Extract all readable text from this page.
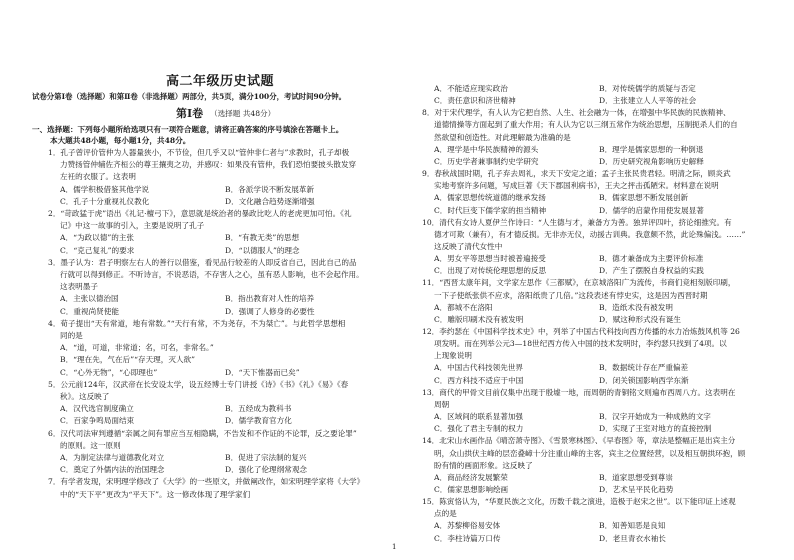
高二年级历史试题
试卷分第Ⅰ卷（选择题）和第Ⅱ卷（非选择题）两部分，共5页，满分100分，考试时间90分钟。
第Ⅰ卷 （选择题 共48分）
一、选择题：下列每小题所给选项只有一项符合题意，请将正确答案的序号填涂在答题卡上。
本大题共48小题，每小题1分，共48分。
1．孔子曾评价管仲为人器量狭小，不节俭，但几乎又以“管仲非仁者与”求教时，孔子却极
力赞扬管仲辅佐齐桓公的尊王攘夷之功，并感叹：如果没有管仲，我们恐怕要披头散发穿
左衽的衣服了。这表明
A．儒学积极借鉴其他学说	B．各派学说不断发展革新
C．孔子十分重视礼仪教化	D．文化融合趋势逐渐增强
2．“苛政猛于虎”语出《礼记·檀弓下》，意思就是统治者的暴政比吃人的老虎更加可怕。《礼
记》中这一故事的引入，主要是说明了孔子
A．“为政以德”的主张	B．“有教无类”的思想
C．“克己复礼”的要求	D．“以德服人”的理念
3．墨子认为：君子明察左右人的善行以借鉴，看见品行较差的人即反省自己，因此自己的品
行就可以得到修正。不听诗言，不说恶语，不存害人之心，虽有恶人影响，也不会起作用。
这表明墨子
A．主张以德治国	B．指出教育对人性的培养
C．重视尚贤使能	D．强调了人修身的必要性
4．荀子提出“天有常道，地有常数。”“天行有常，不为尧存，不为桀亡”。与此哲学思想相
同的是
A．“道，可道，非常道；名，可名，非常名。”
B．“理在先，气在后”“存天理，灭人欲”
C．“心外无物”，“心即理也”	D．“天下惟器而已矣”
5．公元前124年，汉武帝在长安设太学，设五经博士专门讲授《诗》《书》《礼》《易》《春
秋》。这反映了
A．汉代选官制度确立	B．五经成为教科书
C．百家争鸣局面结束	D．儒学教育官方化
6．汉代司法审判遵循“亲属之间有罪应当互相隐瞒，不告发和不作证的不论罪，反之要论罪”
的原则。这一原则
A．为制定法律与道德教化对立	B．促进了宗法制的复兴
C．奠定了外儒内法的治国理念	D．强化了伦理纲常观念
7．有学者发现，宋明理学修改了《大学》的一些原文，并做阐改作，如宋明理学家将《大学》
中的“天下平”更改为“平天下”。这一修改体现了理学家们
A．不能适应现实政治	B．对传统儒学的质疑与否定
C．责任意识和济世精神	D．主张建立人人平等的社会
8．对于宋代理学，有人认为它把自然、人生、社会融为一体，在增强中华民族的民族精神、
道德情操等方面起到了重大作用；有人认为它以三纲五常作为统治思想，压制扼杀人们的自
然欲望和创造性。对此理解最为准确的是
A．理学是中华民族精神的源头	B．理学是儒家思想的一种倒退
C．历史学者兼事制约史学研究	D．历史研究视角影响历史解释
9．春秋战国时期，孔子弃去周礼，求天下安定之道；孟子主张民贵君轻。明清之际，顾炎武
实地考察许多问题，写成巨著《天下郡国利病书》，王夫之抨击孤陋宋。材料意在说明
A．儒家思想传统道德的继承发扬	B．儒家思想不断发展创新
C．时代巨变下儒学家的担当精神	D．儒学的启蒙作用使发展显著
10．清代有女诗人夏伊兰作诗曰：“人生德与才，兼备方为善。独异评四叶，挤论细推究。有
德才可欺（兼有），有才德反损。无非亦无仪，动援古训典。我意颇不然，此论殊偏浅。……”
这反映了清代女性中
A．男女平等思想当时被普遍接受	B．德才兼备成为主要评价标准
C．出现了对传统伦理思想的反思	D．产生了摆脱自身权益的实践
11．“西晋太康年间，文学家左思作《三都赋》，在京城洛阳广为流传，书商们竞相刻版印刷，
一下子使纸张供不应求，洛阳纸贵了几倍。”这段表述有悖史实，这是因为西晋时期
A．都城不在洛阳	B．造纸术没有被发明
C．雕版印刷术没有被发明	D．赋这种形式没有诞生
12．李约瑟在《中国科学技术史》中，列举了中国古代科技向西方传播的水力冶炼鼓风机等 26
项发明。而在列举公元3—18世纪西方传入中国的技术发明时，李约瑟只找到了4项。以
上现象说明
A．中国古代科技领先世界	B．数据统计存在严重偏差
C．西方科技不适应于中国	D．闭关锁国影响西学东渐
13．商代的甲骨文目前仅集中出现于殷墟一地，而周朝的青铜铭文则遍布西周八方。这表明在
周朝
A．区域间的联系显著加强	B．汉字开始成为一种成熟的文字
C．强化了君主专制的权力	D．实现了王室对地方的直接控制
14．北宋山水画作品《晴峦萧寺图》、《雪景寒林图》、《早春图》等，章法是整幅正是出宾主分
明，众山拱伏主峰的层峦叠嶂十分注重山峰的主客，宾主之位置经营，以及相互朝拱环抱，顾
盼有情的画面形象。这反映了
A．商品经济发展繁荣	B．道家思想受到尊崇
C．儒家思想影响绘画	D．艺术呈平民化趋势
15．陈寅恪认为，“华夏民族之文化，历数千载之演进，造极于赵宋之世”。以下能印证上述观
点的是
A．苏黎柳俗易安体	B．知善知恶是良知
C．李柱诗篇万口传	D．老旦青衣水袖长
1
